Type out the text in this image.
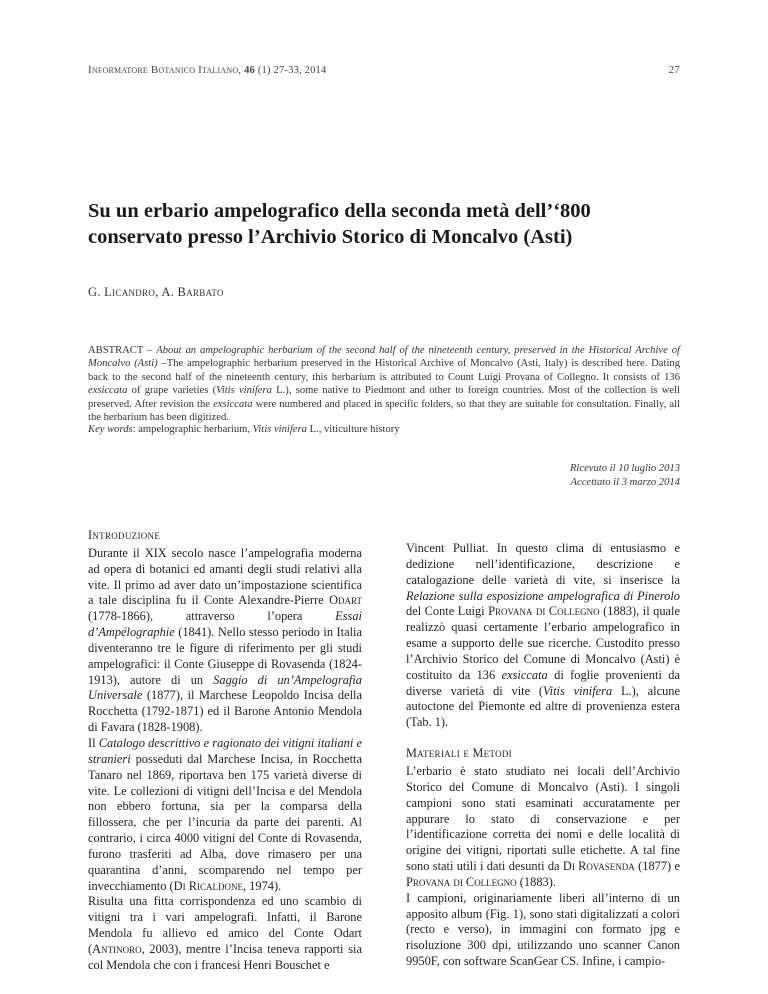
Informatore Botanico Italiano, 46 (1) 27-33, 2014	27
Su un erbario ampelografico della seconda metà dell’‘800
conservato presso l’Archivio Storico di Moncalvo (Asti)
G. Licandro, A. Barbato
ABSTRACT – About an ampelographic herbarium of the second half of the nineteenth century, preserved in the Historical Archive of Moncalvo (Asti) –The ampelographic herbarium preserved in the Historical Archive of Moncalvo (Asti, Italy) is described here. Dating back to the second half of the nineteenth century, this herbarium is attributed to Count Luigi Provana of Collegno. It consists of 136 exsiccata of grape varieties (Vitis vinifera L.), some native to Piedmont and other to foreign countries. Most of the collection is well preserved. After revision the exsiccata were numbered and placed in specific folders, so that they are suitable for consultation. Finally, all the herbarium has been digitized.
Key words: ampelographic herbarium, Vitis vinifera L., viticulture history
Ricevuto il 10 luglio 2013
Accettato il 3 marzo 2014
Introduzione

Durante il XIX secolo nasce l’ampelografia moderna ad opera di botanici ed amanti degli studi relativi alla vite. Il primo ad aver dato un’impostazione scientifica a tale disciplina fu il Conte Alexandre-Pierre Odart (1778-1866), attraverso l’opera	Essai d’Ampélographie (1841). Nello stesso periodo in Italia diventeranno tre le figure di riferimento per gli studi ampelografici: il Conte Giuseppe di Rovasenda (1824-1913), autore di un Saggio di un’Ampelografia Universale (1877), il Marchese Leopoldo Incisa della Rocchetta (1792-1871) ed il Barone Antonio Mendola di Favara (1828-1908).

Il Catalogo descrittivo e ragionato dei vitigni italiani e stranieri posseduti dal Marchese Incisa, in Rocchetta Tanaro nel 1869, riportava ben 175 varietà diverse di vite. Le collezioni di vitigni dell’Incisa e del Mendola non ebbero fortuna, sia per la comparsa della fillossera, che per l’incuria da parte dei parenti. Al contrario, i circa 4000 vitigni del Conte di Rovasenda, furono trasferiti ad Alba, dove rimasero per una quarantina d’anni, scomparendo nel tempo per invecchiamento (Di Ricaldone, 1974).

Risulta una fitta corrispondenza ed uno scambio di vitigni tra i vari ampelografi. Infatti, il Barone Mendola fu allievo ed amico del Conte Odart (Antinoro, 2003), mentre l’Incisa teneva rapporti sia col Mendola che con i francesi Henri Bouschet e

Vincent Pulliat. In questo clima di entusiasmo e dedizione nell’identificazione, descrizione e catalogazione delle varietà di vite, si inserisce la Relazione sulla esposizione ampelografica di Pinerolo del Conte Luigi Provana di Collegno (1883), il quale realizzò quasi certamente l’erbario ampelografico in esame a supporto delle sue ricerche. Custodito presso l’Archivio Storico del Comune di Moncalvo (Asti) è costituito da 136 exsiccata di foglie provenienti da diverse varietà di vite (Vitis vinifera L.), alcune autoctone del Piemonte ed altre di provenienza estera (Tab. 1).

Materiali e Metodi

L’erbario è stato studiato nei locali dell’Archivio Storico del Comune di Moncalvo (Asti). I singoli campioni sono stati esaminati accuratamente per appurare lo stato di conservazione e per l’identificazione corretta dei nomi e delle località di origine dei vitigni, riportati sulle etichette. A tal fine sono stati utili i dati desunti da Di Rovasenda (1877) e Provana di Collegno (1883).

I campioni, originariamente liberi all’interno di un apposito album (Fig. 1), sono stati digitalizzati a colori (recto e verso), in immagini con formato jpg e risoluzione 300 dpi, utilizzando uno scanner Canon 9950F, con software ScanGear CS. Infine, i campio-
